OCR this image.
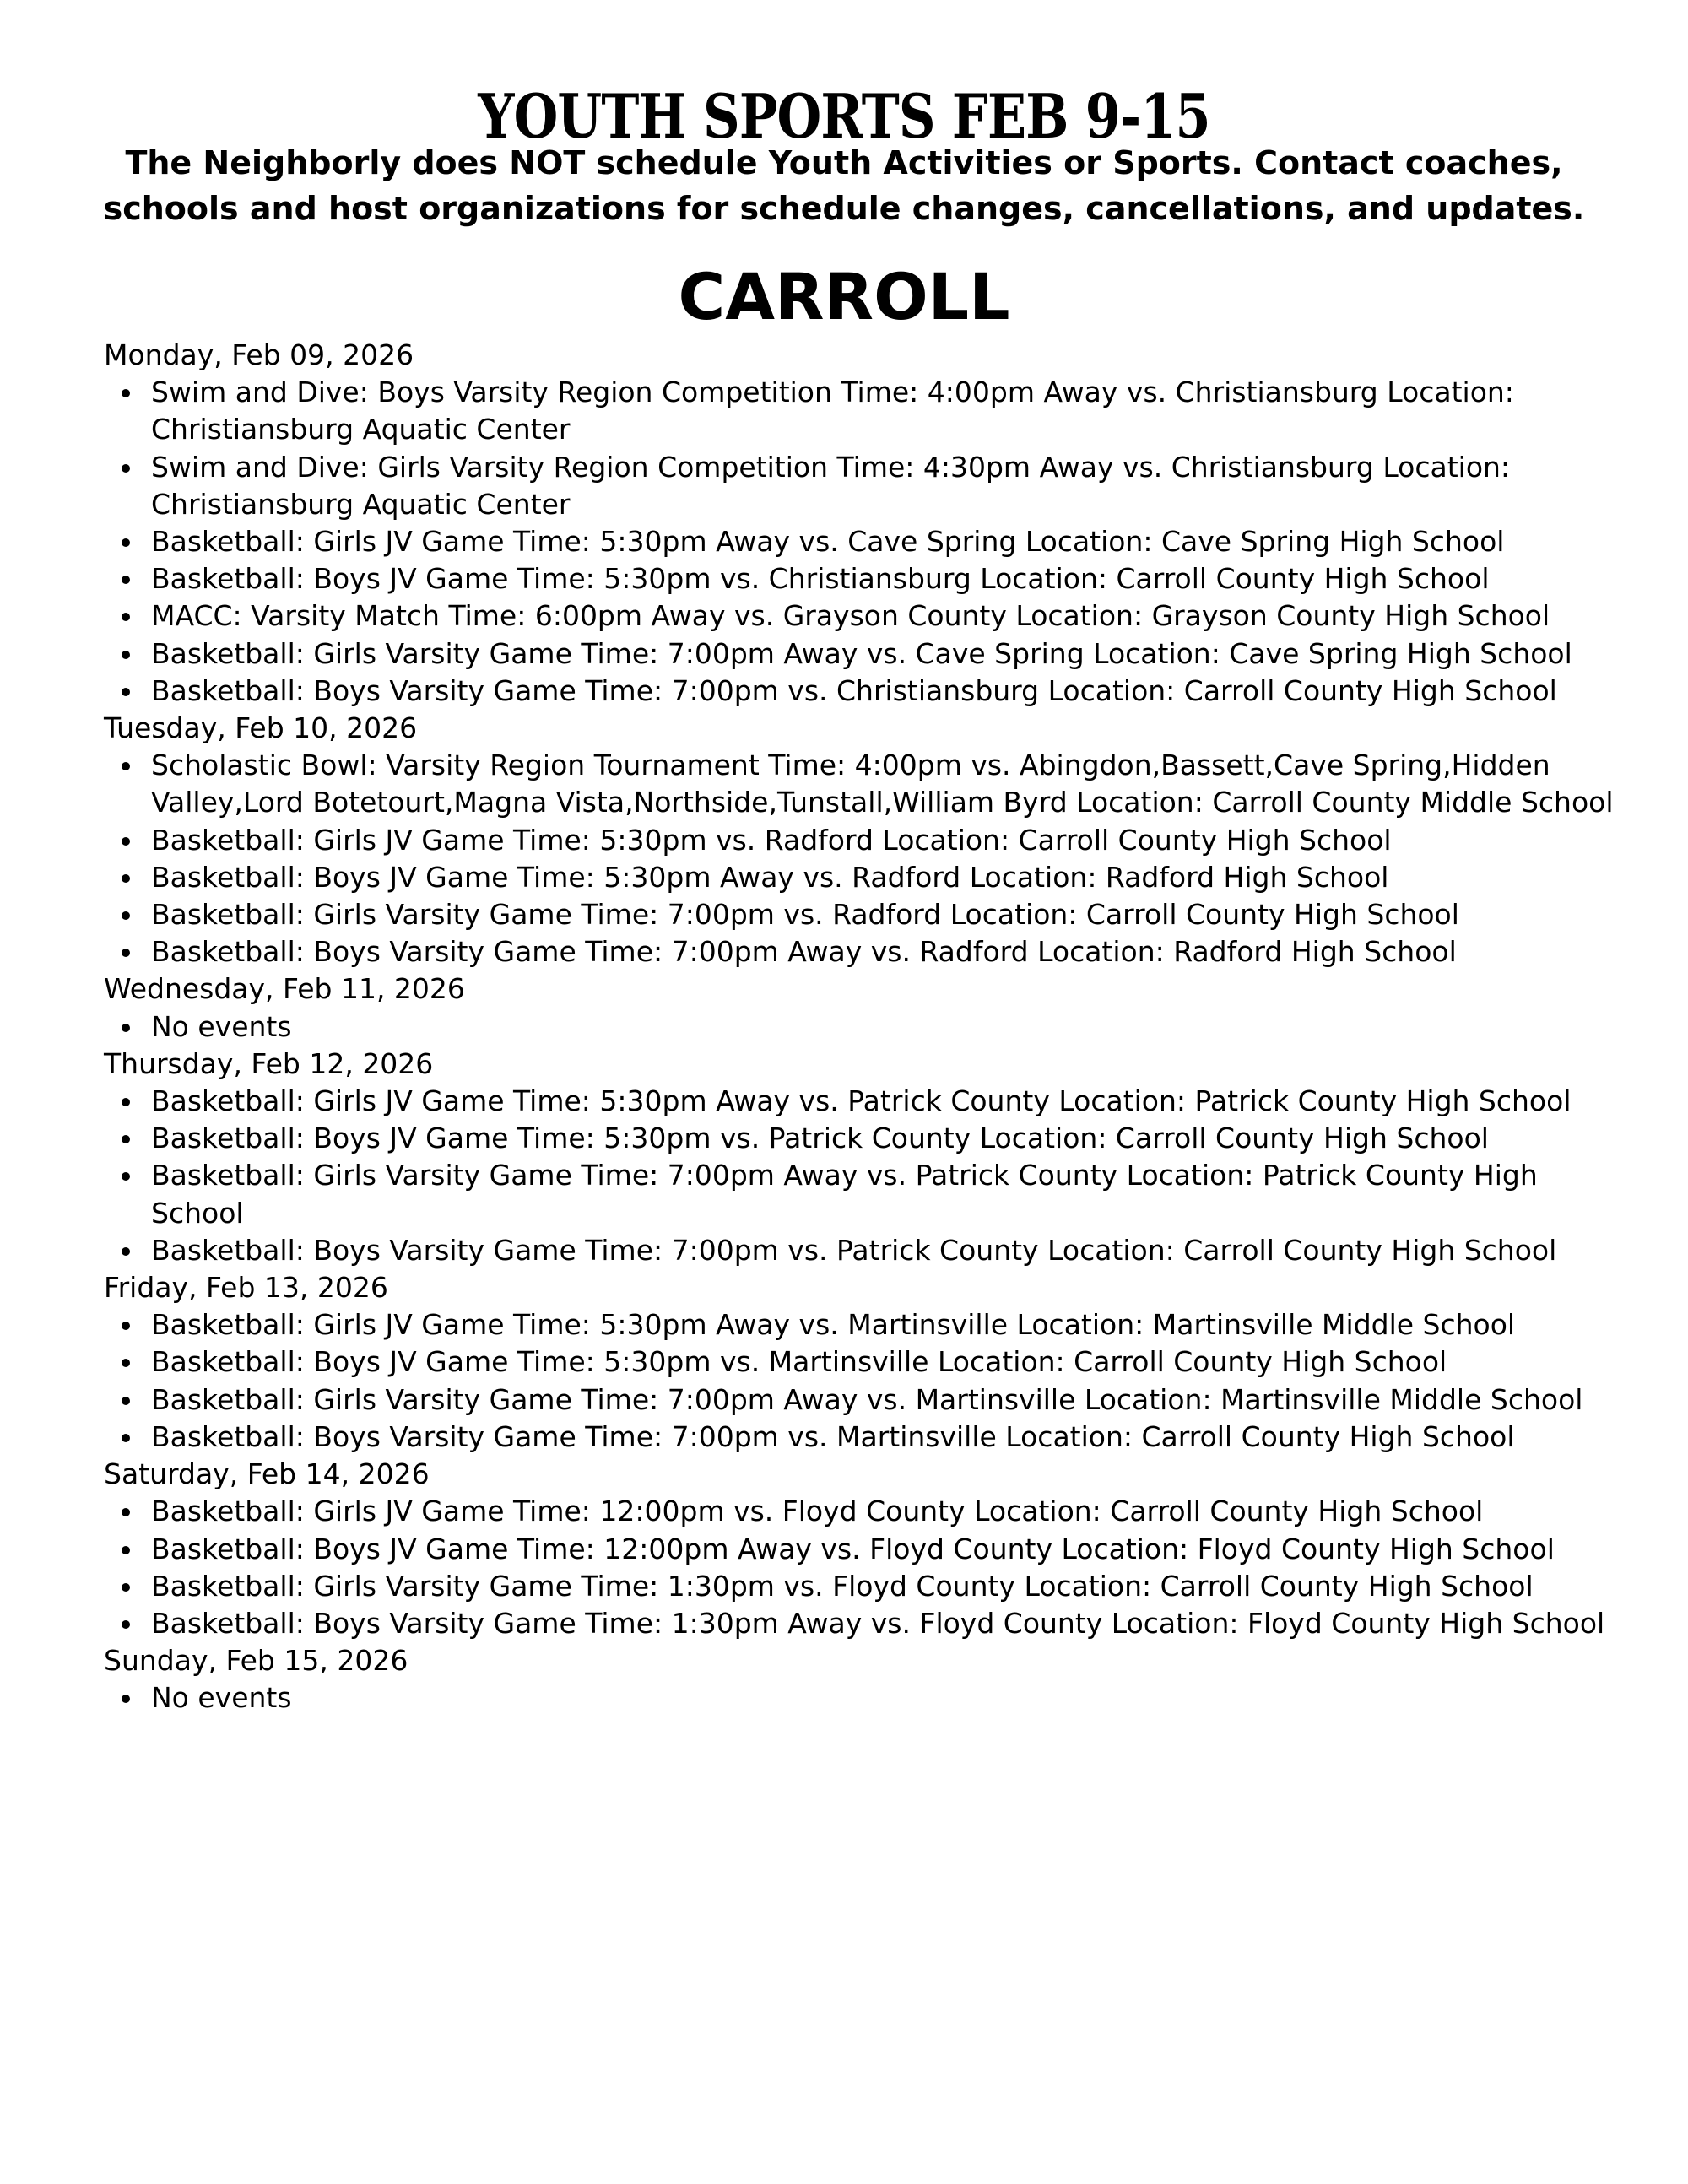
YOUTH SPORTS FEB 9-15

The Neighborly does NOT schedule Youth Activities or Sports. Contact coaches,
schools and host organizations for schedule changes, cancellations, and updates.

CARROLL
Monday, Feb 09, 2026
Swim and Dive: Boys Varsity Region Competition Time: 4:00pm Away vs. Christiansburg Location: Christiansburg Aquatic Center
Swim and Dive: Girls Varsity Region Competition Time: 4:30pm Away vs. Christiansburg Location: Christiansburg Aquatic Center
Basketball: Girls JV Game Time: 5:30pm Away vs. Cave Spring Location: Cave Spring High School
Basketball: Boys JV Game Time: 5:30pm vs. Christiansburg Location: Carroll County High School
MACC: Varsity Match Time: 6:00pm Away vs. Grayson County Location: Grayson County High School
Basketball: Girls Varsity Game Time: 7:00pm Away vs. Cave Spring Location: Cave Spring High School
Basketball: Boys Varsity Game Time: 7:00pm vs. Christiansburg Location: Carroll County High School
Tuesday, Feb 10, 2026
Scholastic Bowl: Varsity Region Tournament Time: 4:00pm vs. Abingdon,Bassett,Cave Spring,Hidden Valley,Lord Botetourt,Magna Vista,Northside,Tunstall,William Byrd Location: Carroll County Middle School
Basketball: Girls JV Game Time: 5:30pm vs. Radford Location: Carroll County High School
Basketball: Boys JV Game Time: 5:30pm Away vs. Radford Location: Radford High School
Basketball: Girls Varsity Game Time: 7:00pm vs. Radford Location: Carroll County High School
Basketball: Boys Varsity Game Time: 7:00pm Away vs. Radford Location: Radford High School
Wednesday, Feb 11, 2026
No events
Thursday, Feb 12, 2026
Basketball: Girls JV Game Time: 5:30pm Away vs. Patrick County Location: Patrick County High School
Basketball: Boys JV Game Time: 5:30pm vs. Patrick County Location: Carroll County High School
Basketball: Girls Varsity Game Time: 7:00pm Away vs. Patrick County Location: Patrick County High School
Basketball: Boys Varsity Game Time: 7:00pm vs. Patrick County Location: Carroll County High School
Friday, Feb 13, 2026
Basketball: Girls JV Game Time: 5:30pm Away vs. Martinsville Location: Martinsville Middle School
Basketball: Boys JV Game Time: 5:30pm vs. Martinsville Location: Carroll County High School
Basketball: Girls Varsity Game Time: 7:00pm Away vs. Martinsville Location: Martinsville Middle School
Basketball: Boys Varsity Game Time: 7:00pm vs. Martinsville Location: Carroll County High School
Saturday, Feb 14, 2026
Basketball: Girls JV Game Time: 12:00pm vs. Floyd County Location: Carroll County High School
Basketball: Boys JV Game Time: 12:00pm Away vs. Floyd County Location: Floyd County High School
Basketball: Girls Varsity Game Time: 1:30pm vs. Floyd County Location: Carroll County High School
Basketball: Boys Varsity Game Time: 1:30pm Away vs. Floyd County Location: Floyd County High School
Sunday, Feb 15, 2026
No events
